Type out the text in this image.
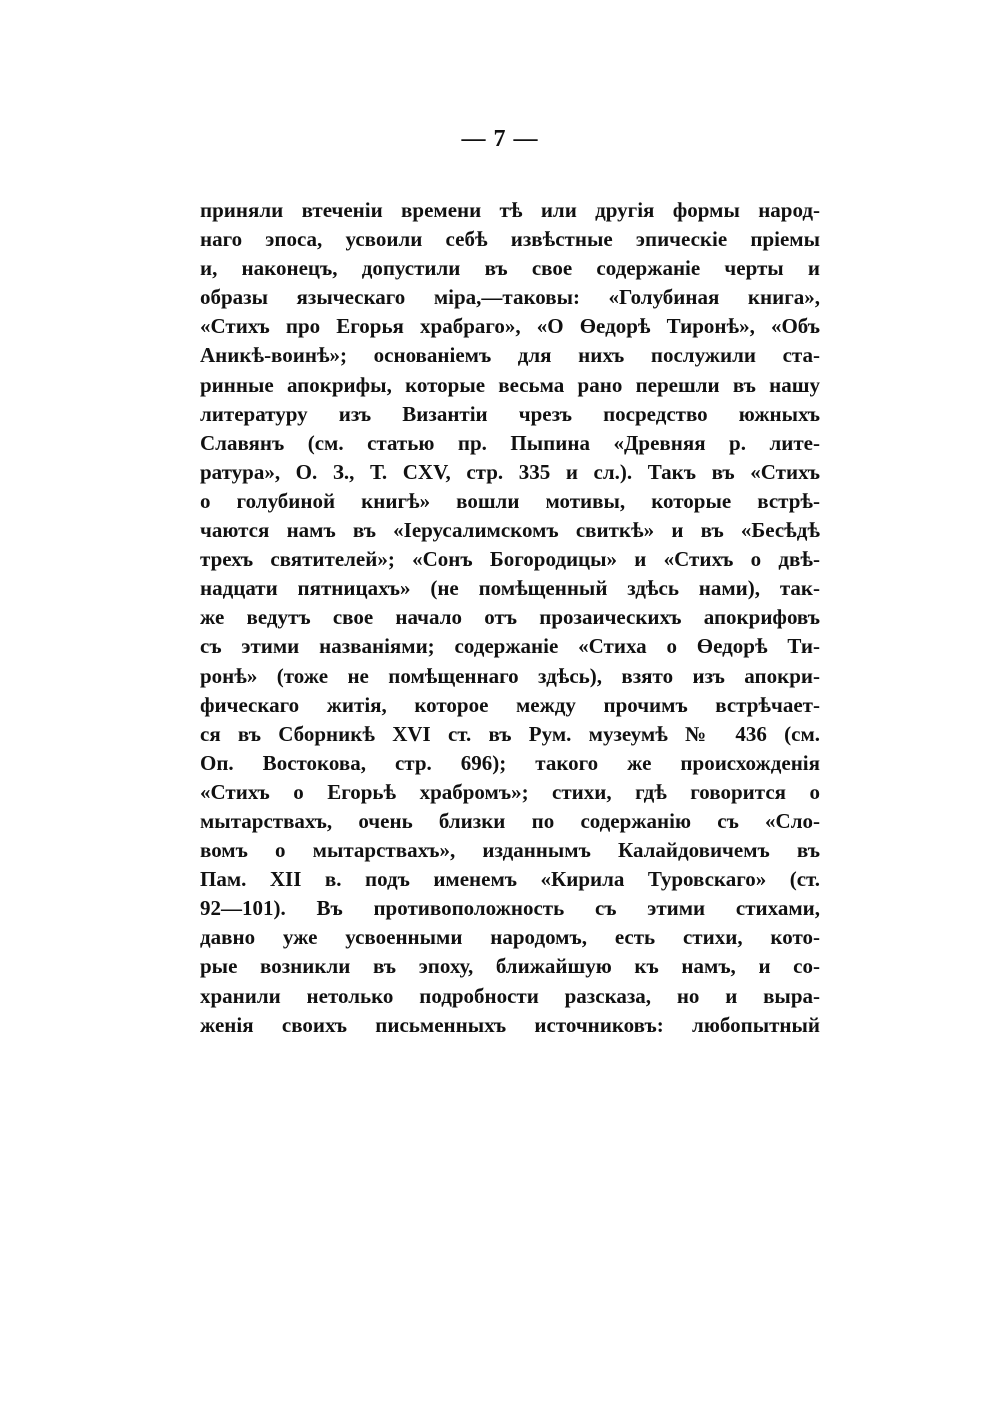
— 7 —
приняли втеченіи времени тѣ или другія формы народ-
наго эпоса, усвоили себѣ извѣстные эпическіе пріемы
и, наконецъ, допустили въ свое содержаніе черты и
образы языческаго міра,—таковы: «Голубиная книга»,
«Стихъ про Егорья храбраго», «О Өедорѣ Тиронѣ», «Объ
Аникѣ-воинѣ»; основаніемъ для нихъ послужили ста-
ринные апокрифы, которые весьма рано перешли въ нашу
литературу изъ Византіи чрезъ посредство южныхъ
Славянъ (см. статью пр. Пыпина «Древняя р. лите-
ратура», О. З., Т. CXV, стр. 335 и сл.). Такъ въ «Стихъ
о голубиной книгѣ» вошли мотивы, которые встрѣ-
чаются намъ въ «Іерусалимскомъ свиткѣ» и въ «Бесѣдѣ
трехъ святителей»; «Сонъ Богородицы» и «Стихъ о двѣ-
надцати пятницахъ» (не помѣщенный здѣсь нами), так-
же ведутъ свое начало отъ прозаическихъ апокрифовъ
съ этими названіями; содержаніе «Стиха о Өедорѣ Ти-
ронѣ» (тоже не помѣщеннаго здѣсь), взято изъ апокри-
фическаго житія, которое между прочимъ встрѣчает-
ся въ Сборникѣ XVI ст. въ Рум. музеумѣ № 436 (см.
Оп. Востокова, стр. 696); такого же происхожденія
«Стихъ о Егорьѣ храбромъ»; стихи, гдѣ говорится о
мытарствахъ, очень близки по содержанію съ «Сло-
вомъ о мытарствахъ», изданнымъ Калайдовичемъ въ
Пам. XII в. подъ именемъ «Кирила Туровскаго» (ст.
92—101). Въ противоположность съ этими стихами,
давно уже усвоенными народомъ, есть стихи, кото-
рые возникли въ эпоху, ближайшую къ намъ, и со-
хранили нетолько подробности разсказа, но и выра-
женія своихъ письменныхъ источниковъ: любопытный
